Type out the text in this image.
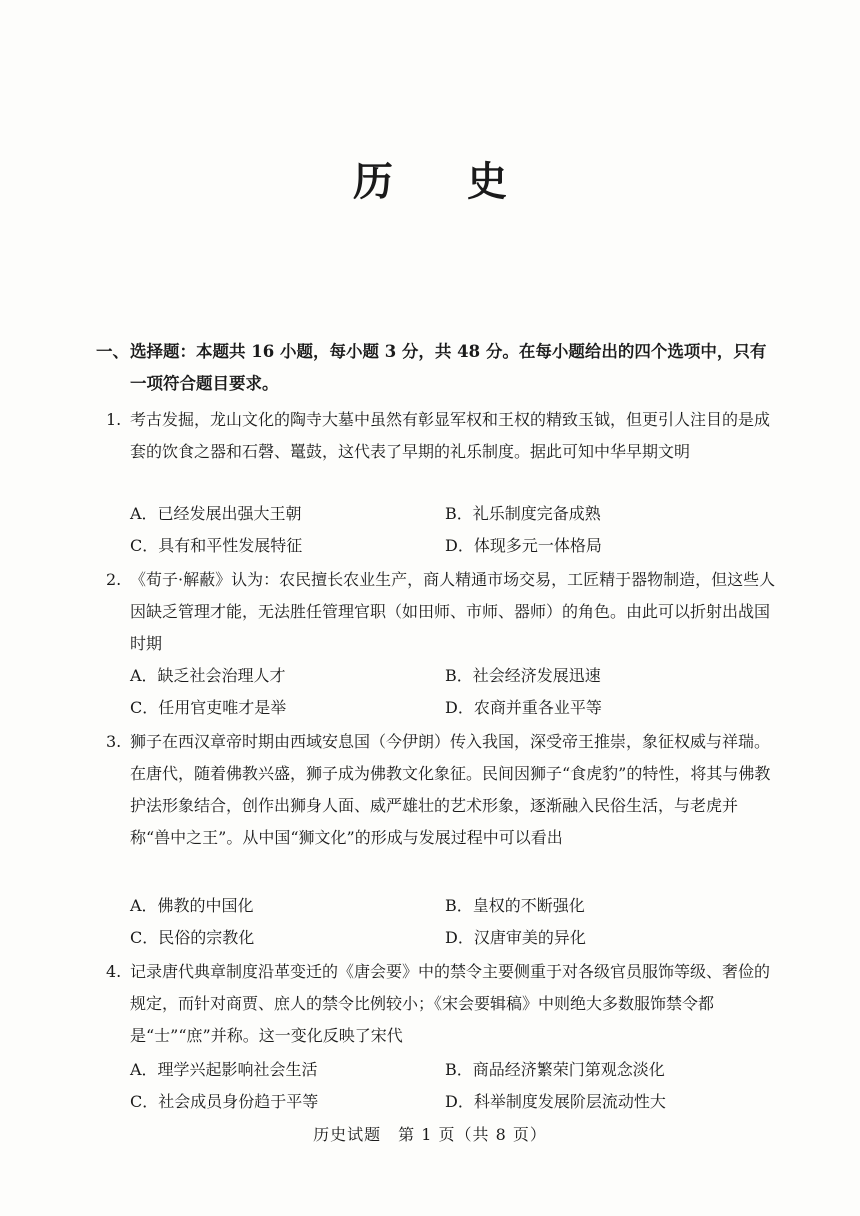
历 史
一、 选择题：本题共 16 小题，每小题 3 分，共 48 分。在每小题给出的四个选项中，只有一项符合题目要求。
1. 考古发掘，龙山文化的陶寺大墓中虽然有彰显军权和王权的精致玉钺，但更引人注目的是成套的饮食之器和石磬、鼍鼓，这代表了早期的礼乐制度。据此可知中华早期文明
A．已经发展出强大王朝	B．礼乐制度完备成熟
C．具有和平性发展特征	D．体现多元一体格局
2. 《荀子·解蔽》认为：农民擅长农业生产，商人精通市场交易，工匠精于器物制造，但这些人因缺乏管理才能，无法胜任管理官职（如田师、市师、器师）的角色。由此可以折射出战国时期
A．缺乏社会治理人才	B．社会经济发展迅速
C．任用官吏唯才是举	D．农商并重各业平等
3. 狮子在西汉章帝时期由西域安息国（今伊朗）传入我国，深受帝王推崇，象征权威与祥瑞。在唐代，随着佛教兴盛，狮子成为佛教文化象征。民间因狮子“食虎豹”的特性，将其与佛教护法形象结合，创作出狮身人面、威严雄壮的艺术形象，逐渐融入民俗生活，与老虎并称“兽中之王”。从中国“狮文化”的形成与发展过程中可以看出
A．佛教的中国化	B．皇权的不断强化
C．民俗的宗教化	D．汉唐审美的异化
4. 记录唐代典章制度沿革变迁的《唐会要》中的禁令主要侧重于对各级官员服饰等级、奢俭的规定，而针对商贾、庶人的禁令比例较小；《宋会要辑稿》中则绝大多数服饰禁令都是“士”“庶”并称。这一变化反映了宋代
A．理学兴起影响社会生活	B．商品经济繁荣门第观念淡化
C．社会成员身份趋于平等	D．科举制度发展阶层流动性大
历史试题　第 1 页（共 8 页）
